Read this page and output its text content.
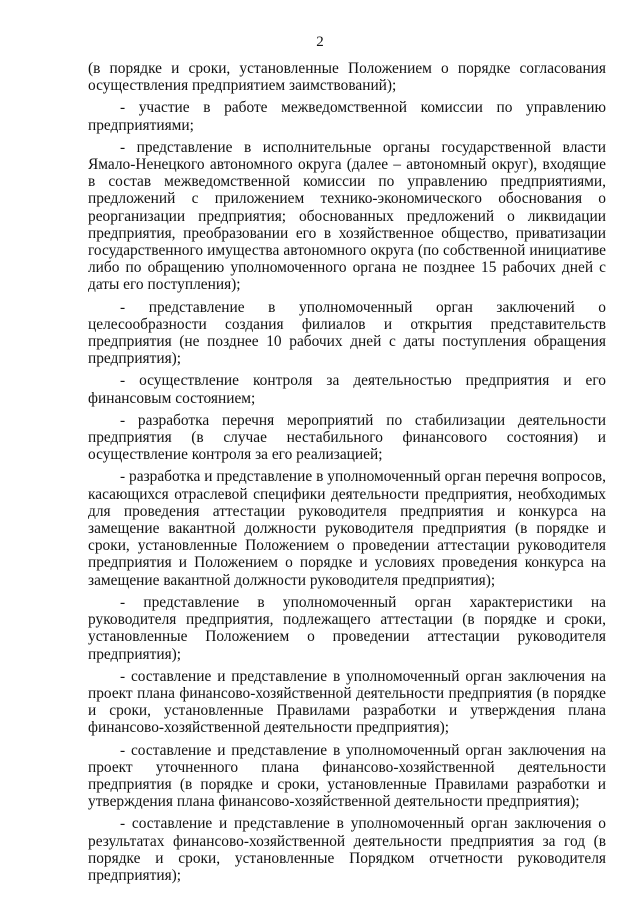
2

(в порядке и сроки, установленные Положением о порядке согласования осуществления предприятием заимствований);

- участие в работе межведомственной комиссии по управлению предприятиями;

- представление в исполнительные органы государственной власти Ямало-Ненецкого автономного округа (далее – автономный округ), входящие в состав межведомственной комиссии по управлению предприятиями, предложений с приложением технико-экономического обоснования о реорганизации предприятия; обоснованных предложений о ликвидации предприятия, преобразовании его в хозяйственное общество, приватизации государственного имущества автономного округа (по собственной инициативе либо по обращению уполномоченного органа не позднее 15 рабочих дней с даты его поступления);

- представление в уполномоченный орган заключений о целесообразности создания филиалов и открытия представительств предприятия (не позднее 10 рабочих дней с даты поступления обращения предприятия);

- осуществление контроля за деятельностью предприятия и его финансовым состоянием;

- разработка перечня мероприятий по стабилизации деятельности предприятия (в случае нестабильного финансового состояния) и осуществление контроля за его реализацией;

- разработка и представление в уполномоченный орган перечня вопросов, касающихся отраслевой специфики деятельности предприятия, необходимых для проведения аттестации руководителя предприятия и конкурса на замещение вакантной должности руководителя предприятия (в порядке и сроки, установленные Положением о проведении аттестации руководителя предприятия и Положением о порядке и условиях проведения конкурса на замещение вакантной должности руководителя предприятия);

- представление в уполномоченный орган характеристики на руководителя предприятия, подлежащего аттестации (в порядке и сроки, установленные Положением о проведении аттестации руководителя предприятия);

- составление и представление в уполномоченный орган заключения на проект плана финансово-хозяйственной деятельности предприятия (в порядке и сроки, установленные Правилами разработки и утверждения плана финансово-хозяйственной деятельности предприятия);

- составление и представление в уполномоченный орган заключения на проект уточненного плана финансово-хозяйственной деятельности предприятия (в порядке и сроки, установленные Правилами разработки и утверждения плана финансово-хозяйственной деятельности предприятия);

- составление и представление в уполномоченный орган заключения о результатах финансово-хозяйственной деятельности предприятия за год (в порядке и сроки, установленные Порядком отчетности руководителя предприятия);
